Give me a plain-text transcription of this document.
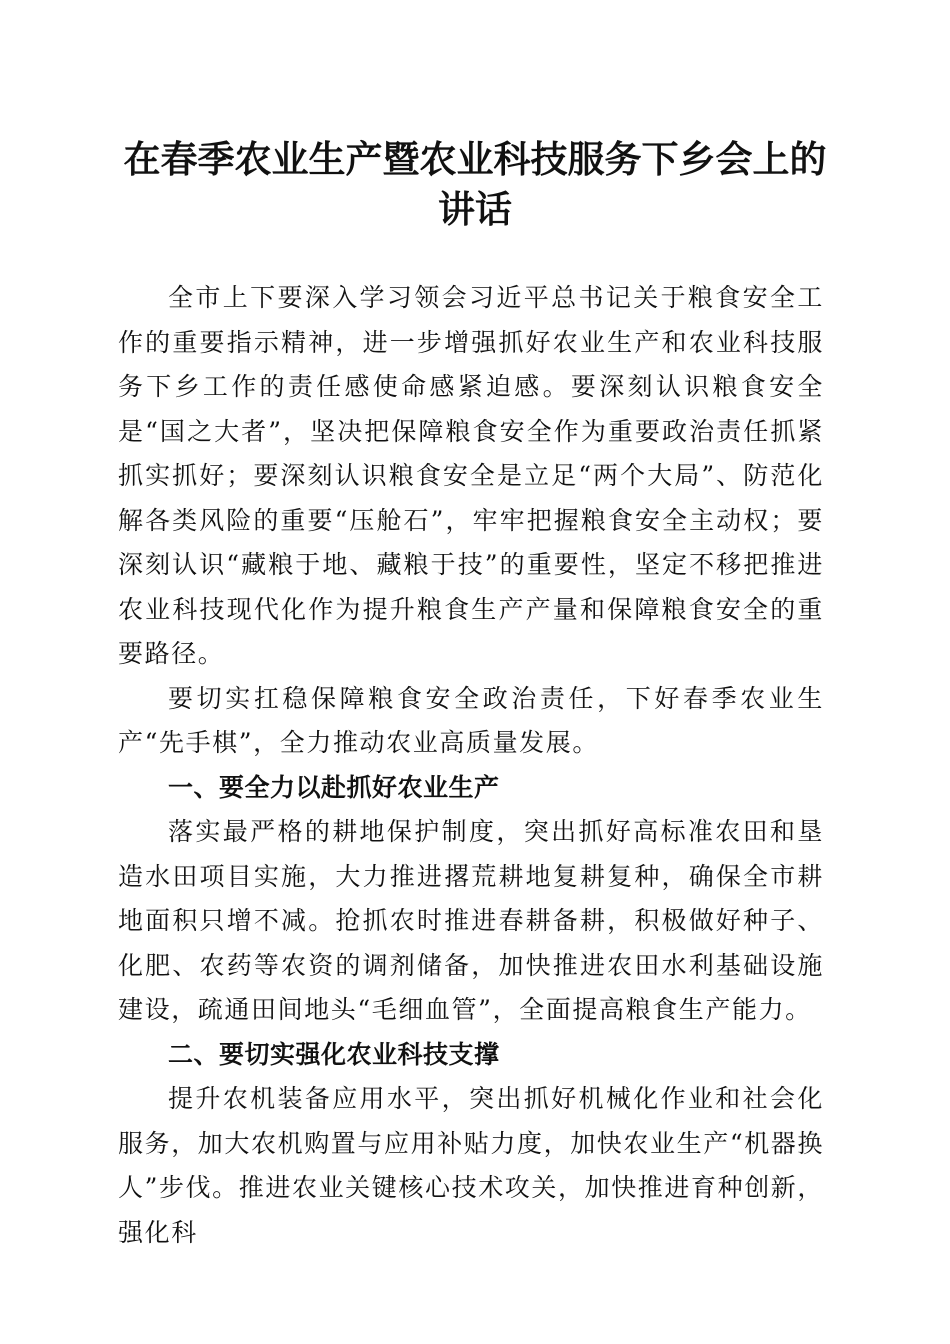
在春季农业生产暨农业科技服务下乡会上的讲话

全市上下要深入学习领会习近平总书记关于粮食安全工作的重要指示精神，进一步增强抓好农业生产和农业科技服务下乡工作的责任感使命感紧迫感。要深刻认识粮食安全是“国之大者”，坚决把保障粮食安全作为重要政治责任抓紧抓实抓好；要深刻认识粮食安全是立足“两个大局”、防范化解各类风险的重要“压舱石”，牢牢把握粮食安全主动权；要深刻认识“藏粮于地、藏粮于技”的重要性，坚定不移把推进农业科技现代化作为提升粮食生产产量和保障粮食安全的重要路径。

要切实扛稳保障粮食安全政治责任，下好春季农业生产“先手棋”，全力推动农业高质量发展。

一、要全力以赴抓好农业生产

落实最严格的耕地保护制度，突出抓好高标准农田和垦造水田项目实施，大力推进撂荒耕地复耕复种，确保全市耕地面积只增不减。抢抓农时推进春耕备耕，积极做好种子、化肥、农药等农资的调剂储备，加快推进农田水利基础设施建设，疏通田间地头“毛细血管”，全面提高粮食生产能力。

二、要切实强化农业科技支撑

提升农机装备应用水平，突出抓好机械化作业和社会化服务，加大农机购置与应用补贴力度，加快农业生产“机器换人”步伐。推进农业关键核心技术攻关，加快推进育种创新，强化科
